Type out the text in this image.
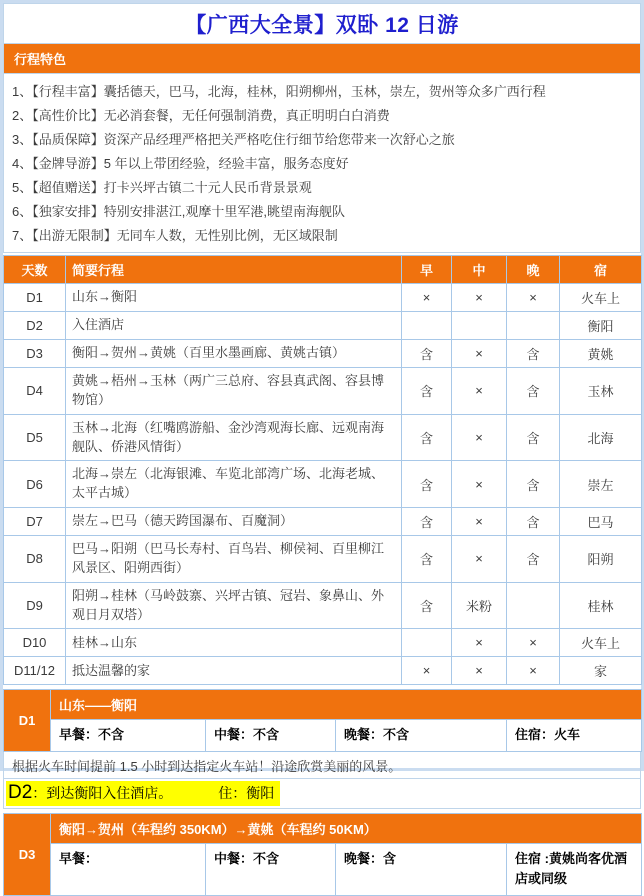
【广西大全景】双卧 12 日游
行程特色
1、【行程丰富】囊括德天，巴马，北海，桂林，阳朔柳州，玉林，崇左，贺州等众多广西行程
2、【高性价比】无必消套餐，无任何强制消费，真正明明白白消费
3、【品质保障】资深产品经理严格把关严格吃住行细节给您带来一次舒心之旅
4、【金牌导游】5 年以上带团经验，经验丰富，服务态度好
5、【超值赠送】打卡兴坪古镇二十元人民币背景景观
6、【独家安排】特别安排湛江,观摩十里军港,眺望南海舰队
7、【出游无限制】无同车人数，无性别比例，无区域限制
天数	简要行程	早	中	晚	宿
D1	山东→衡阳	×	×	×	火车上
D2	入住酒店				衡阳
D3	衡阳→贺州→黄姚（百里水墨画廊、黄姚古镇）	含	×	含	黄姚
D4	黄姚→梧州→玉林（两广三总府、容县真武阁、容县博物馆）	含	×	含	玉林
D5	玉林→北海（红嘴鸥游船、金沙湾观海长廊、远观南海舰队、侨港风情街）	含	×	含	北海
D6	北海→崇左（北海银滩、车览北部湾广场、北海老城、太平古城）	含	×	含	崇左
D7	崇左→巴马（德天跨国瀑布、百魔洞）	含	×	含	巴马
D8	巴马→阳朔（巴马长寿村、百鸟岩、柳侯祠、百里柳江风景区、阳朔西街）	含	×	含	阳朔
D9	阳朔→桂林（马岭鼓寨、兴坪古镇、冠岩、象鼻山、外观日月双塔）	含	米粉		桂林
D10	桂林→山东		×	×	火车上
D11/12	抵达温馨的家	×	×	×	家
D1	山东——衡阳			
	早餐：不含	中餐：不含	晚餐：不含	住宿：火车
根据火车时间提前 1.5 小时到达指定火车站！沿途欣赏美丽的风景。
D2：到达衡阳入住酒店。	住：衡阳
D3	衡阳→贺州（车程约 350KM）→黄姚（车程约 50KM）			
	早餐：	中餐：不含	晚餐：含	住宿 :黄姚尚客优酒店或同级
